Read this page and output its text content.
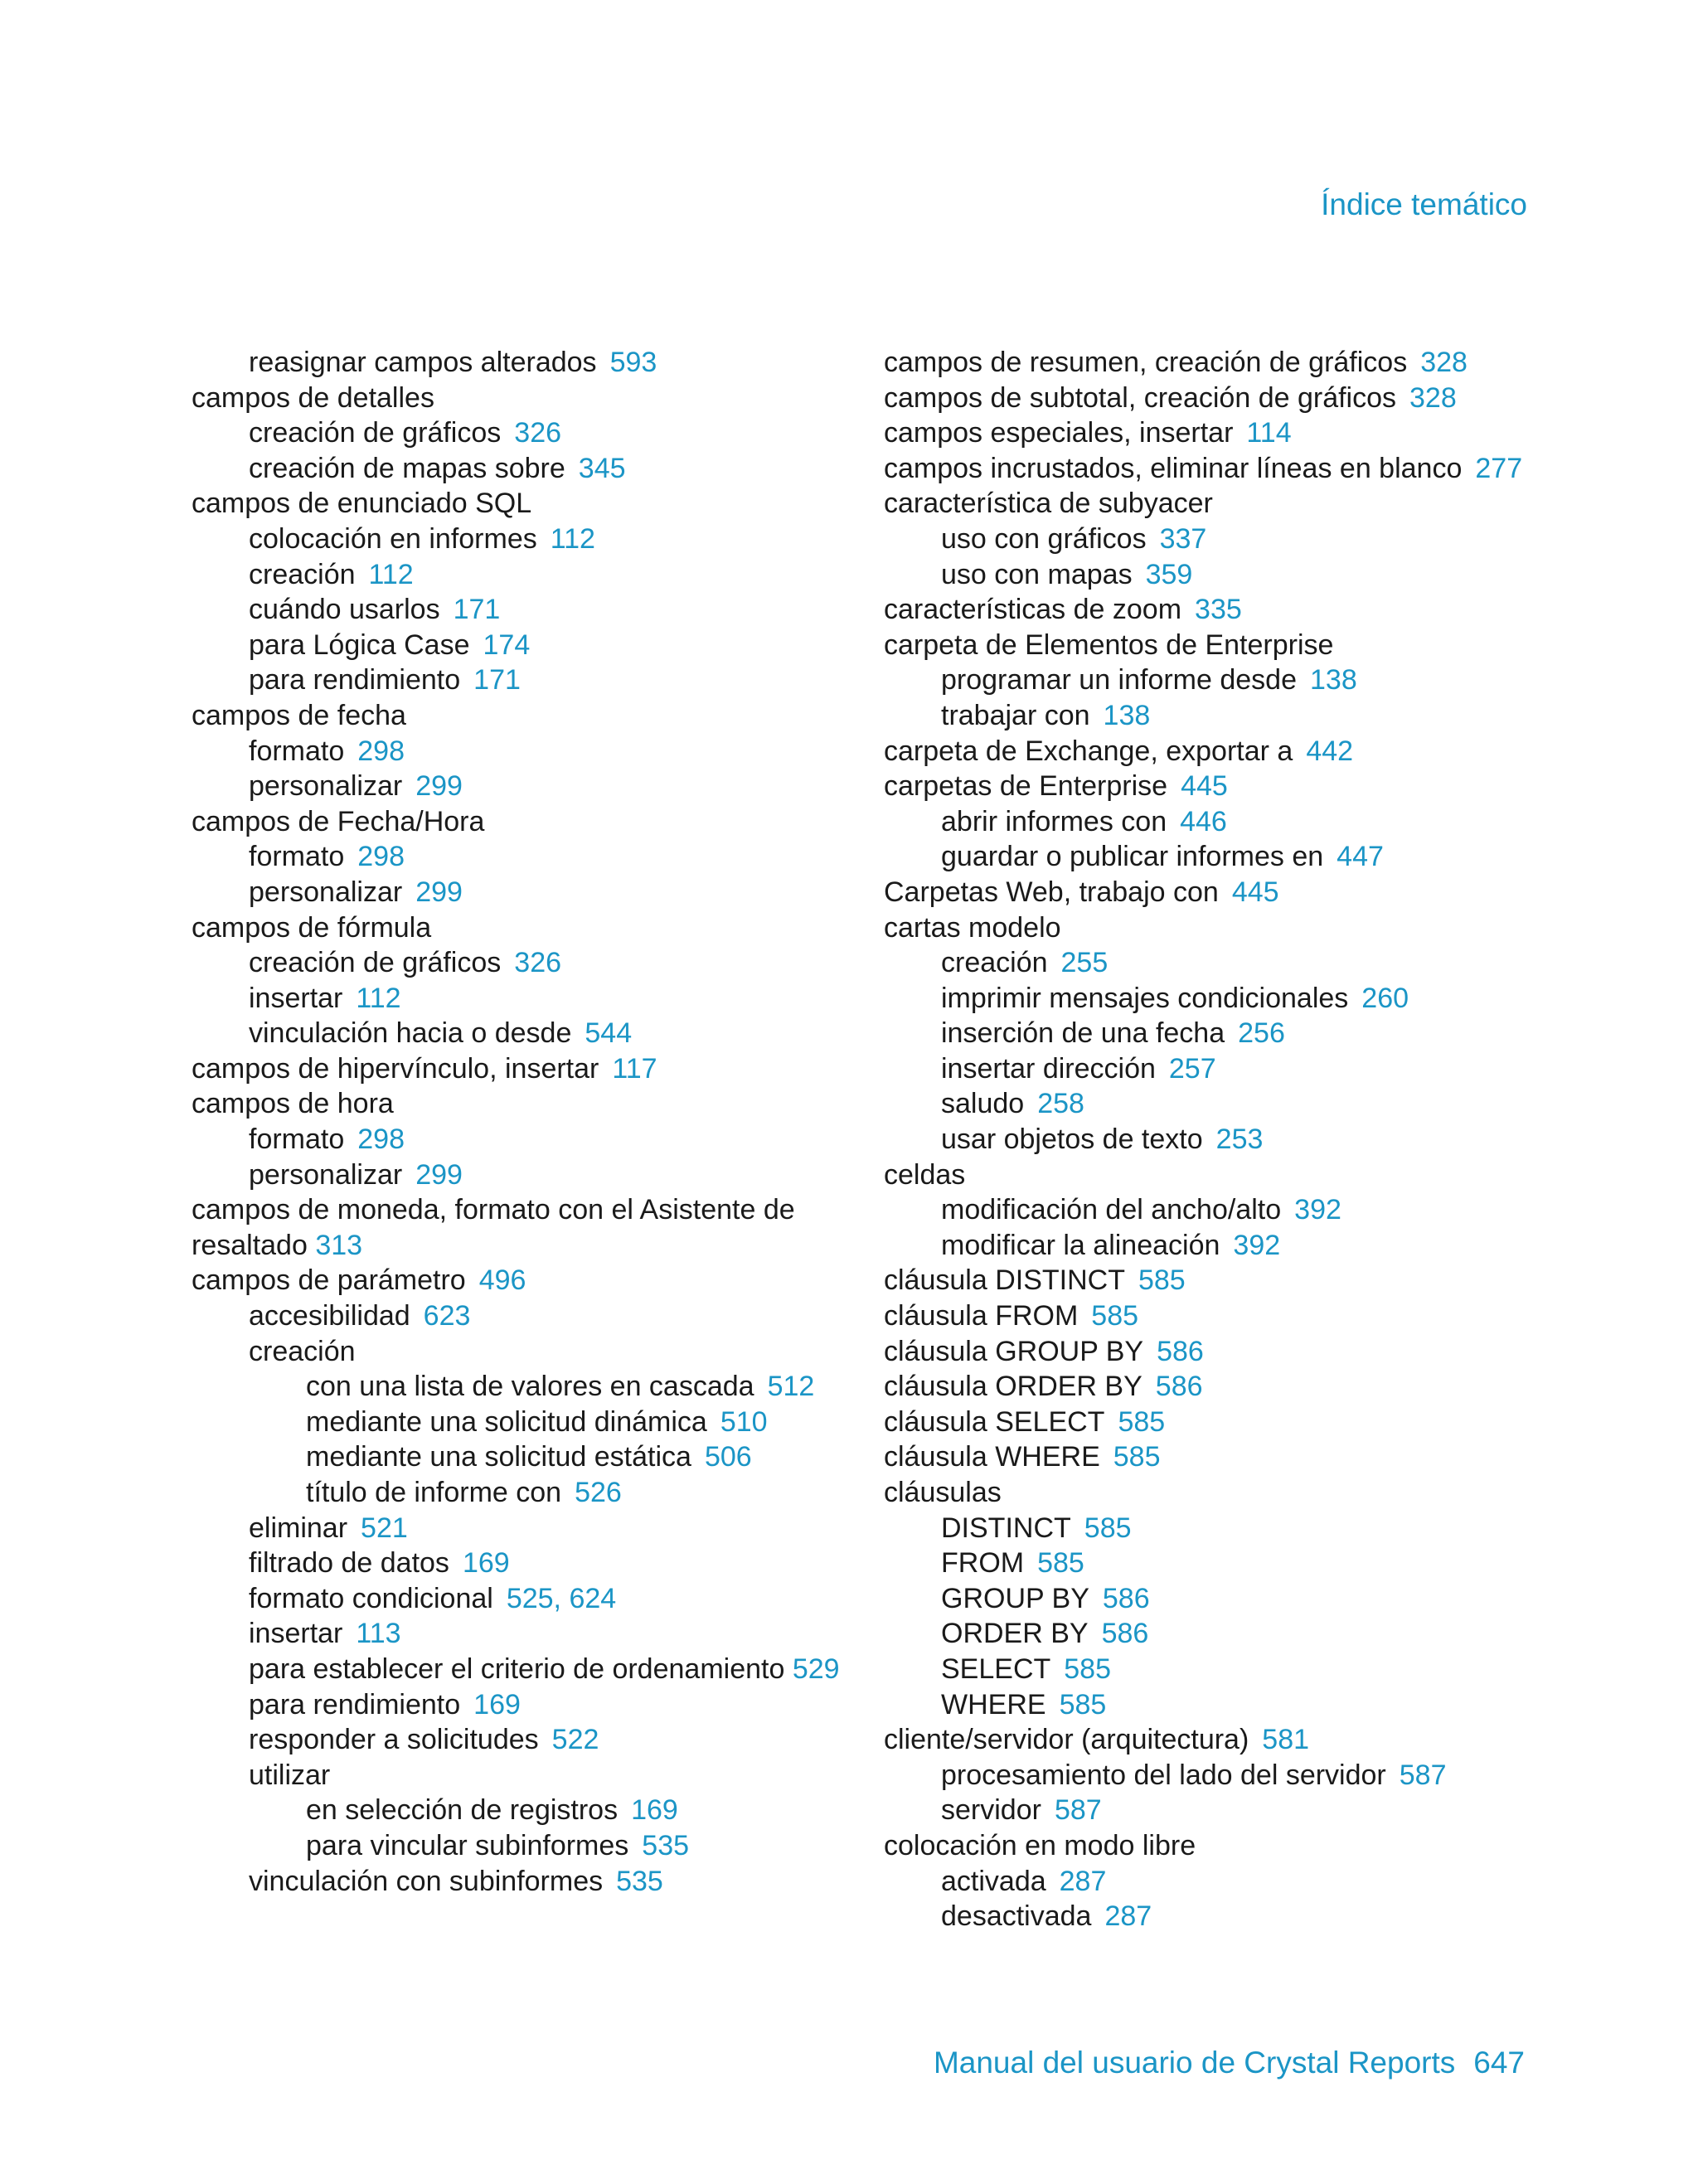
Índice temático
reasignar campos alterados 593
campos de detalles
creación de gráficos 326
creación de mapas sobre 345
campos de enunciado SQL
colocación en informes 112
creación 112
cuándo usarlos 171
para Lógica Case 174
para rendimiento 171
campos de fecha
formato 298
personalizar 299
campos de Fecha/Hora
formato 298
personalizar 299
campos de fórmula
creación de gráficos 326
insertar 112
vinculación hacia o desde 544
campos de hipervínculo, insertar 117
campos de hora
formato 298
personalizar 299
campos de moneda, formato con el Asistente de resaltado 313
campos de parámetro 496
accesibilidad 623
creación
con una lista de valores en cascada 512
mediante una solicitud dinámica 510
mediante una solicitud estática 506
título de informe con 526
eliminar 521
filtrado de datos 169
formato condicional 525, 624
insertar 113
para establecer el criterio de ordenamiento 529
para rendimiento 169
responder a solicitudes 522
utilizar
en selección de registros 169
para vincular subinformes 535
vinculación con subinformes 535
campos de resumen, creación de gráficos 328
campos de subtotal, creación de gráficos 328
campos especiales, insertar 114
campos incrustados, eliminar líneas en blanco 277
característica de subyacer
uso con gráficos 337
uso con mapas 359
características de zoom 335
carpeta de Elementos de Enterprise
programar un informe desde 138
trabajar con 138
carpeta de Exchange, exportar a 442
carpetas de Enterprise 445
abrir informes con 446
guardar o publicar informes en 447
Carpetas Web, trabajo con 445
cartas modelo
creación 255
imprimir mensajes condicionales 260
inserción de una fecha 256
insertar dirección 257
saludo 258
usar objetos de texto 253
celdas
modificación del ancho/alto 392
modificar la alineación 392
cláusula DISTINCT 585
cláusula FROM 585
cláusula GROUP BY 586
cláusula ORDER BY 586
cláusula SELECT 585
cláusula WHERE 585
cláusulas
DISTINCT 585
FROM 585
GROUP BY 586
ORDER BY 586
SELECT 585
WHERE 585
cliente/servidor (arquitectura) 581
procesamiento del lado del servidor 587
servidor 587
colocación en modo libre
activada 287
desactivada 287
Manual del usuario de Crystal Reports 647
